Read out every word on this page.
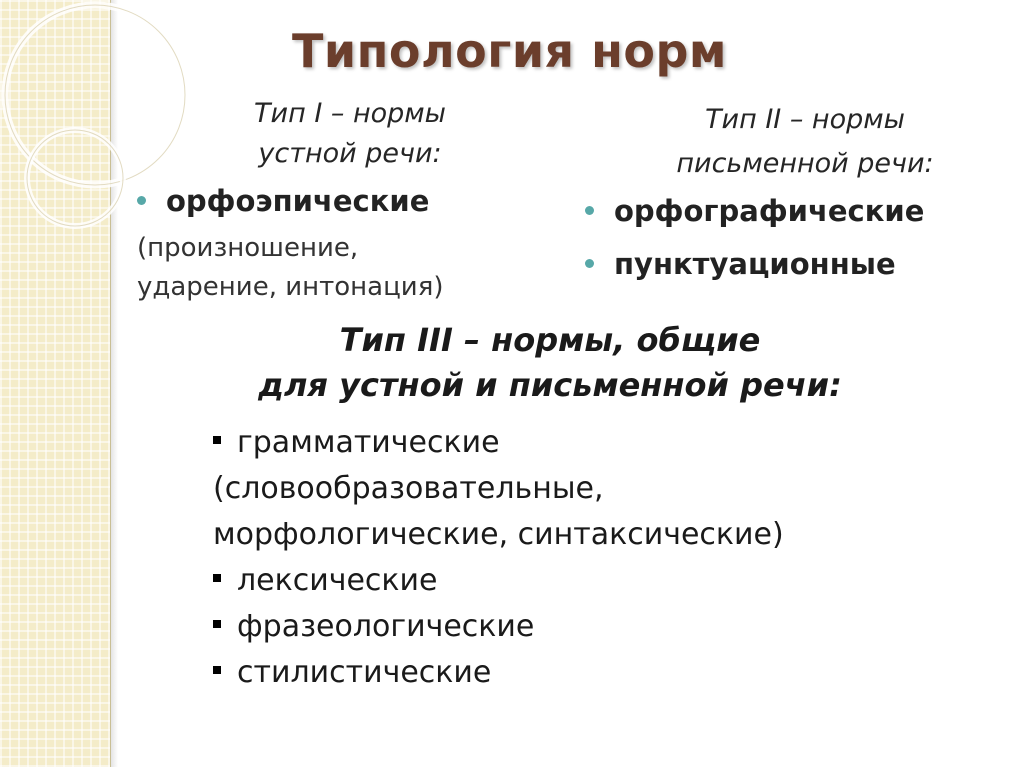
Типология норм
Тип I – нормы
устной речи:
орфоэпические
(произношение,
ударение, интонация)
Тип II – нормы
письменной речи:
орфографические
пунктуационные
Тип III – нормы, общие
для устной и письменной речи:
грамматические
(словообразовательные,
морфологические, синтаксические)
лексические
фразеологические
стилистические
